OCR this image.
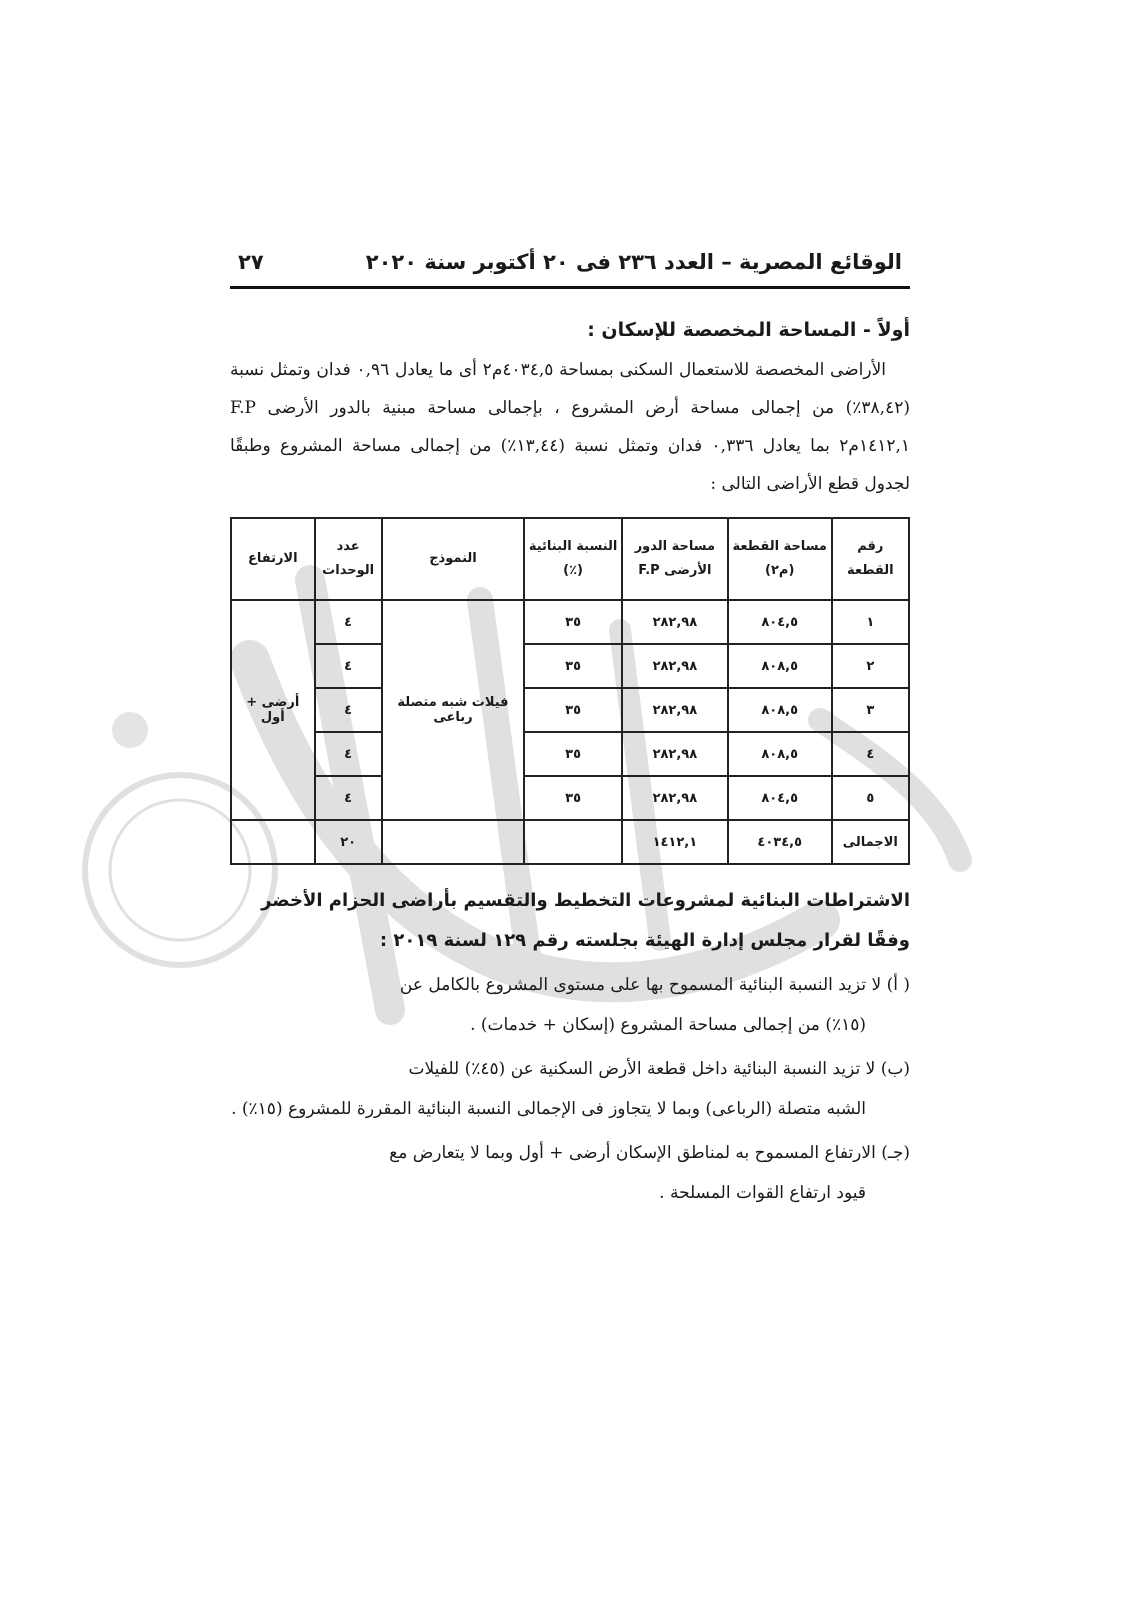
الوقائع المصرية – العدد ٢٣٦ فى ٢٠ أكتوبر سنة ٢٠٢٠
٢٧
أولاً - المساحة المخصصة للإسكان :

الأراضى المخصصة للاستعمال السكنى بمساحة ٤٠٣٤,٥م٢ أى ما يعادل ٠,٩٦ فدان وتمثل نسبة (٣٨,٤٢٪) من إجمالى مساحة أرض المشروع ، بإجمالى مساحة مبنية بالدور الأرضى F.P ١٤١٢,١م٢ بما يعادل ٠,٣٣٦ فدان وتمثل نسبة (١٣,٤٤٪) من إجمالى مساحة المشروع وطبقًا لجدول قطع الأراضى التالى :

رقم القطعة	مساحة القطعة (م٢)	مساحة الدور الأرضى F.P	النسبة البنائية (٪)	النموذج	عدد الوحدات	الارتفاع
١	٨٠٤,٥	٢٨٢,٩٨	٣٥	فيلات شبه متصلة رباعى	٤	أرضى + أول
٢	٨٠٨,٥	٢٨٢,٩٨	٣٥		٤	
٣	٨٠٨,٥	٢٨٢,٩٨	٣٥		٤	
٤	٨٠٨,٥	٢٨٢,٩٨	٣٥		٤	
٥	٨٠٤,٥	٢٨٢,٩٨	٣٥		٤	
الاجمالى	٤٠٣٤,٥	١٤١٢,١			٢٠	

الاشتراطات البنائية لمشروعات التخطيط والتقسيم بأراضى الحزام الأخضر

وفقًا لقرار مجلس إدارة الهيئة بجلسته رقم ١٢٩ لسنة ٢٠١٩ :

( أ) لا تزيد النسبة البنائية المسموح بها على مستوى المشروع بالكامل عن
(١٥٪) من إجمالى مساحة المشروع (إسكان + خدمات) .

(ب) لا تزيد النسبة البنائية داخل قطعة الأرض السكنية عن (٤٥٪) للفيلات
الشبه متصلة (الرباعى) وبما لا يتجاوز فى الإجمالى النسبة البنائية المقررة للمشروع (١٥٪) .

(جـ) الارتفاع المسموح به لمناطق الإسكان أرضى + أول وبما لا يتعارض مع
قيود ارتفاع القوات المسلحة .
